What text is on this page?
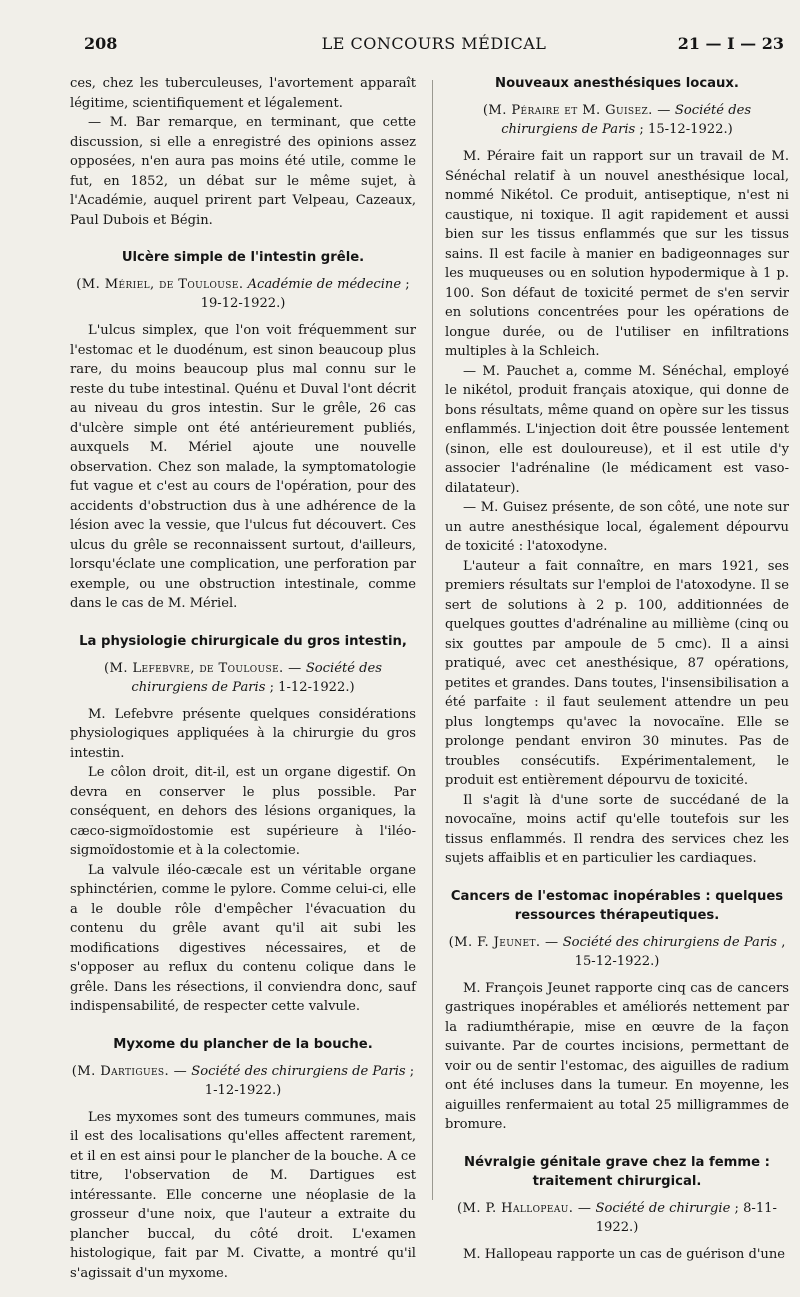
208	LE CONCOURS MÉDICAL	21 — I — 23

ces, chez les tuberculeuses, l'avortement apparaît légitime, scientifiquement et légalement.

— M. Bar remarque, en terminant, que cette discussion, si elle a enregistré des opinions assez opposées, n'en aura pas moins été utile, comme le fut, en 1852, un débat sur le même sujet, à l'Académie, auquel prirent part Velpeau, Cazeaux, Paul Dubois et Bégin.

Ulcère simple de l'intestin grêle.
(M. Mériel, de Toulouse. Académie de médecine ; 19-12-1922.)

L'ulcus simplex, que l'on voit fréquemment sur l'estomac et le duodénum, est sinon beaucoup plus rare, du moins beaucoup plus mal connu sur le reste du tube intestinal. Quénu et Duval l'ont décrit au niveau du gros intestin. Sur le grêle, 26 cas d'ulcère simple ont été antérieurement publiés, auxquels M. Mériel ajoute une nouvelle observation. Chez son malade, la symptomatologie fut vague et c'est au cours de l'opération, pour des accidents d'obstruction dus à une adhérence de la lésion avec la vessie, que l'ulcus fut découvert. Ces ulcus du grêle se reconnaissent surtout, d'ailleurs, lorsqu'éclate une complication, une perforation par exemple, ou une obstruction intestinale, comme dans le cas de M. Mériel.

La physiologie chirurgicale du gros intestin,
(M. Lefebvre, de Toulouse. — Société des chirurgiens de Paris ; 1-12-1922.)

M. Lefebvre présente quelques considérations physiologiques appliquées à la chirurgie du gros intestin.

Le côlon droit, dit-il, est un organe digestif. On devra en conserver le plus possible. Par conséquent, en dehors des lésions organiques, la cæco-sigmoïdostomie est supérieure à l'iléo-sigmoïdostomie et à la colectomie.

La valvule iléo-cæcale est un véritable organe sphinctérien, comme le pylore. Comme celui-ci, elle a le double rôle d'empêcher l'évacuation du contenu du grêle avant qu'il ait subi les modifications digestives nécessaires, et de s'opposer au reflux du contenu colique dans le grêle. Dans les résections, il conviendra donc, sauf indispensabilité, de respecter cette valvule.

Myxome du plancher de la bouche.
(M. Dartigues. — Société des chirurgiens de Paris ; 1-12-1922.)

Les myxomes sont des tumeurs communes, mais il est des localisations qu'elles affectent rarement, et il en est ainsi pour le plancher de la bouche. A ce titre, l'observation de M. Dartigues est intéressante. Elle concerne une néoplasie de la grosseur d'une noix, que l'auteur a extraite du plancher buccal, du côté droit. L'examen histologique, fait par M. Civatte, a montré qu'il s'agissait d'un myxome.

Nouveaux anesthésiques locaux.
(M. Péraire et M. Guisez. — Société des chirurgiens de Paris ; 15-12-1922.)

M. Péraire fait un rapport sur un travail de M. Sénéchal relatif à un nouvel anesthésique local, nommé Nikétol. Ce produit, antiseptique, n'est ni caustique, ni toxique. Il agit rapidement et aussi bien sur les tissus enflammés que sur les tissus sains. Il est facile à manier en badigeonnages sur les muqueuses ou en solution hypodermique à 1 p. 100. Son défaut de toxicité permet de s'en servir en solutions concentrées pour les opérations de longue durée, ou de l'utiliser en infiltrations multiples à la Schleich.

— M. Pauchet a, comme M. Sénéchal, employé le nikétol, produit français atoxique, qui donne de bons résultats, même quand on opère sur les tissus enflammés. L'injection doit être poussée lentement (sinon, elle est douloureuse), et il est utile d'y associer l'adrénaline (le médicament est vaso-dilatateur).

— M. Guisez présente, de son côté, une note sur un autre anesthésique local, également dépourvu de toxicité : l'atoxodyne.

L'auteur a fait connaître, en mars 1921, ses premiers résultats sur l'emploi de l'atoxodyne. Il se sert de solutions à 2 p. 100, additionnées de quelques gouttes d'adrénaline au millième (cinq ou six gouttes par ampoule de 5 cmc). Il a ainsi pratiqué, avec cet anesthésique, 87 opérations, petites et grandes. Dans toutes, l'insensibilisation a été parfaite : il faut seulement attendre un peu plus longtemps qu'avec la novocaïne. Elle se prolonge pendant environ 30 minutes. Pas de troubles consécutifs. Expérimentalement, le produit est entièrement dépourvu de toxicité.

Il s'agit là d'une sorte de succédané de la novocaïne, moins actif qu'elle toutefois sur les tissus enflammés. Il rendra des services chez les sujets affaiblis et en particulier les cardiaques.

Cancers de l'estomac inopérables : quelques ressources thérapeutiques.
(M. F. Jeunet. — Société des chirurgiens de Paris , 15-12-1922.)

M. François Jeunet rapporte cinq cas de cancers gastriques inopérables et améliorés nettement par la radiumthérapie, mise en œuvre de la façon suivante. Par de courtes incisions, permettant de voir ou de sentir l'estomac, des aiguilles de radium ont été incluses dans la tumeur. En moyenne, les aiguilles renfermaient au total 25 milligrammes de bromure.

Névralgie génitale grave chez la femme : traitement chirurgical.
(M. P. Hallopeau. — Société de chirurgie ; 8-11-1922.)

M. Hallopeau rapporte un cas de guérison d'une
